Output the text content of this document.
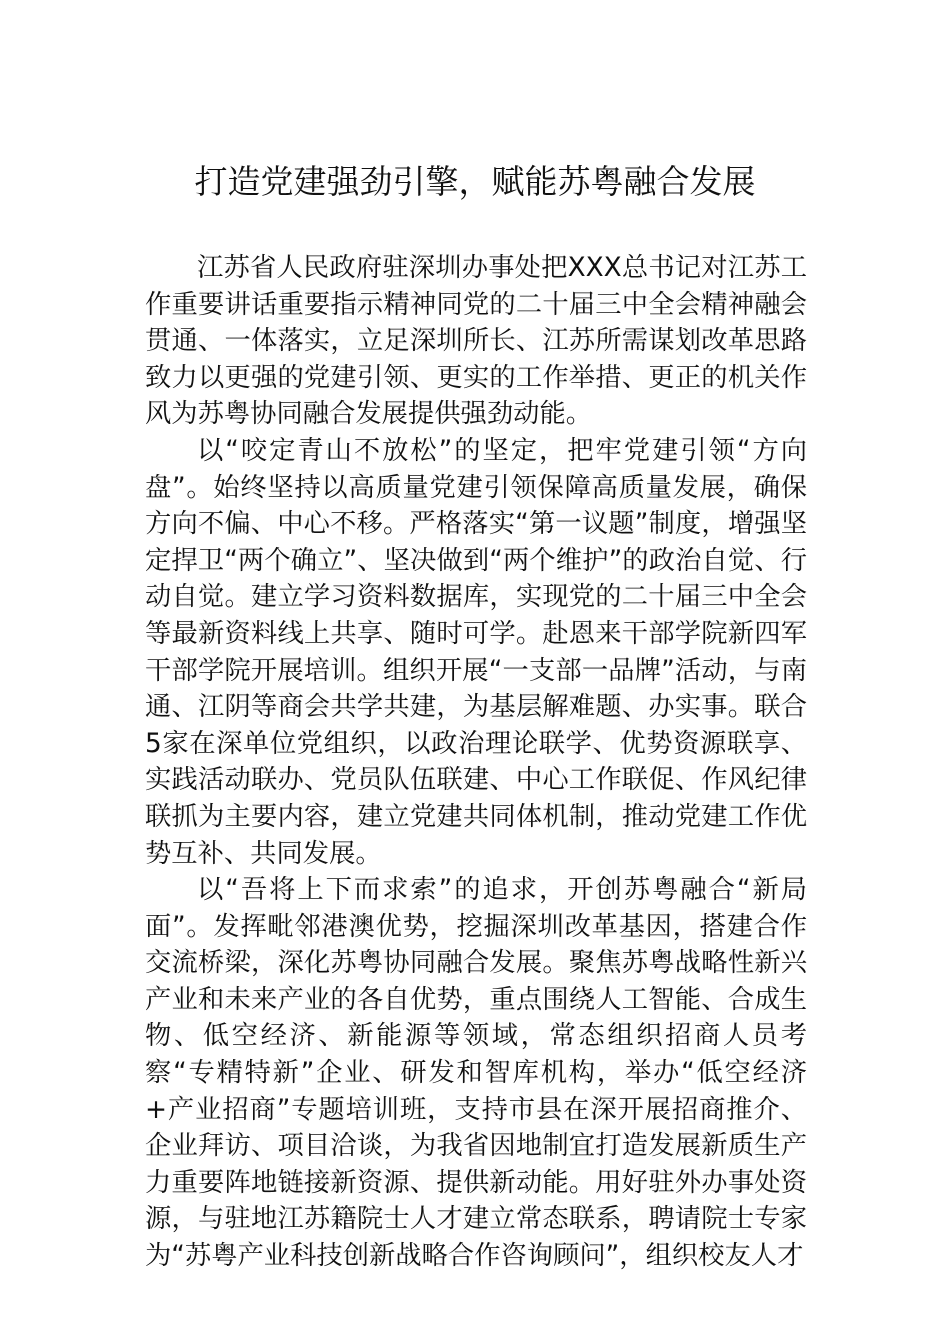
打造党建强劲引擎，赋能苏粤融合发展

江苏省人民政府驻深圳办事处把XXX总书记对江苏工作重要讲话重要指示精神同党的二十届三中全会精神融会贯通、一体落实，立足深圳所长、江苏所需谋划改革思路致力以更强的党建引领、更实的工作举措、更正的机关作风为苏粤协同融合发展提供强劲动能。

以“咬定青山不放松”的坚定，把牢党建引领“方向盘”。始终坚持以高质量党建引领保障高质量发展，确保方向不偏、中心不移。严格落实“第一议题”制度，增强坚定捍卫“两个确立”、坚决做到“两个维护”的政治自觉、行动自觉。建立学习资料数据库，实现党的二十届三中全会等最新资料线上共享、随时可学。赴恩来干部学院新四军干部学院开展培训。组织开展“一支部一品牌”活动，与南通、江阴等商会共学共建，为基层解难题、办实事。联合5家在深单位党组织，以政治理论联学、优势资源联享、实践活动联办、党员队伍联建、中心工作联促、作风纪律联抓为主要内容，建立党建共同体机制，推动党建工作优势互补、共同发展。

以“吾将上下而求索”的追求，开创苏粤融合“新局面”。发挥毗邻港澳优势，挖掘深圳改革基因，搭建合作交流桥梁，深化苏粤协同融合发展。聚焦苏粤战略性新兴产业和未来产业的各自优势，重点围绕人工智能、合成生物、低空经济、新能源等领域，常态组织招商人员考察“专精特新”企业、研发和智库机构，举办“低空经济+产业招商”专题培训班，支持市县在深开展招商推介、企业拜访、项目洽谈，为我省因地制宜打造发展新质生产力重要阵地链接新资源、提供新动能。用好驻外办事处资源，与驻地江苏籍院士人才建立常态联系，聘请院士专家为“苏粤产业科技创新战略合作咨询顾问”，组织校友人才
